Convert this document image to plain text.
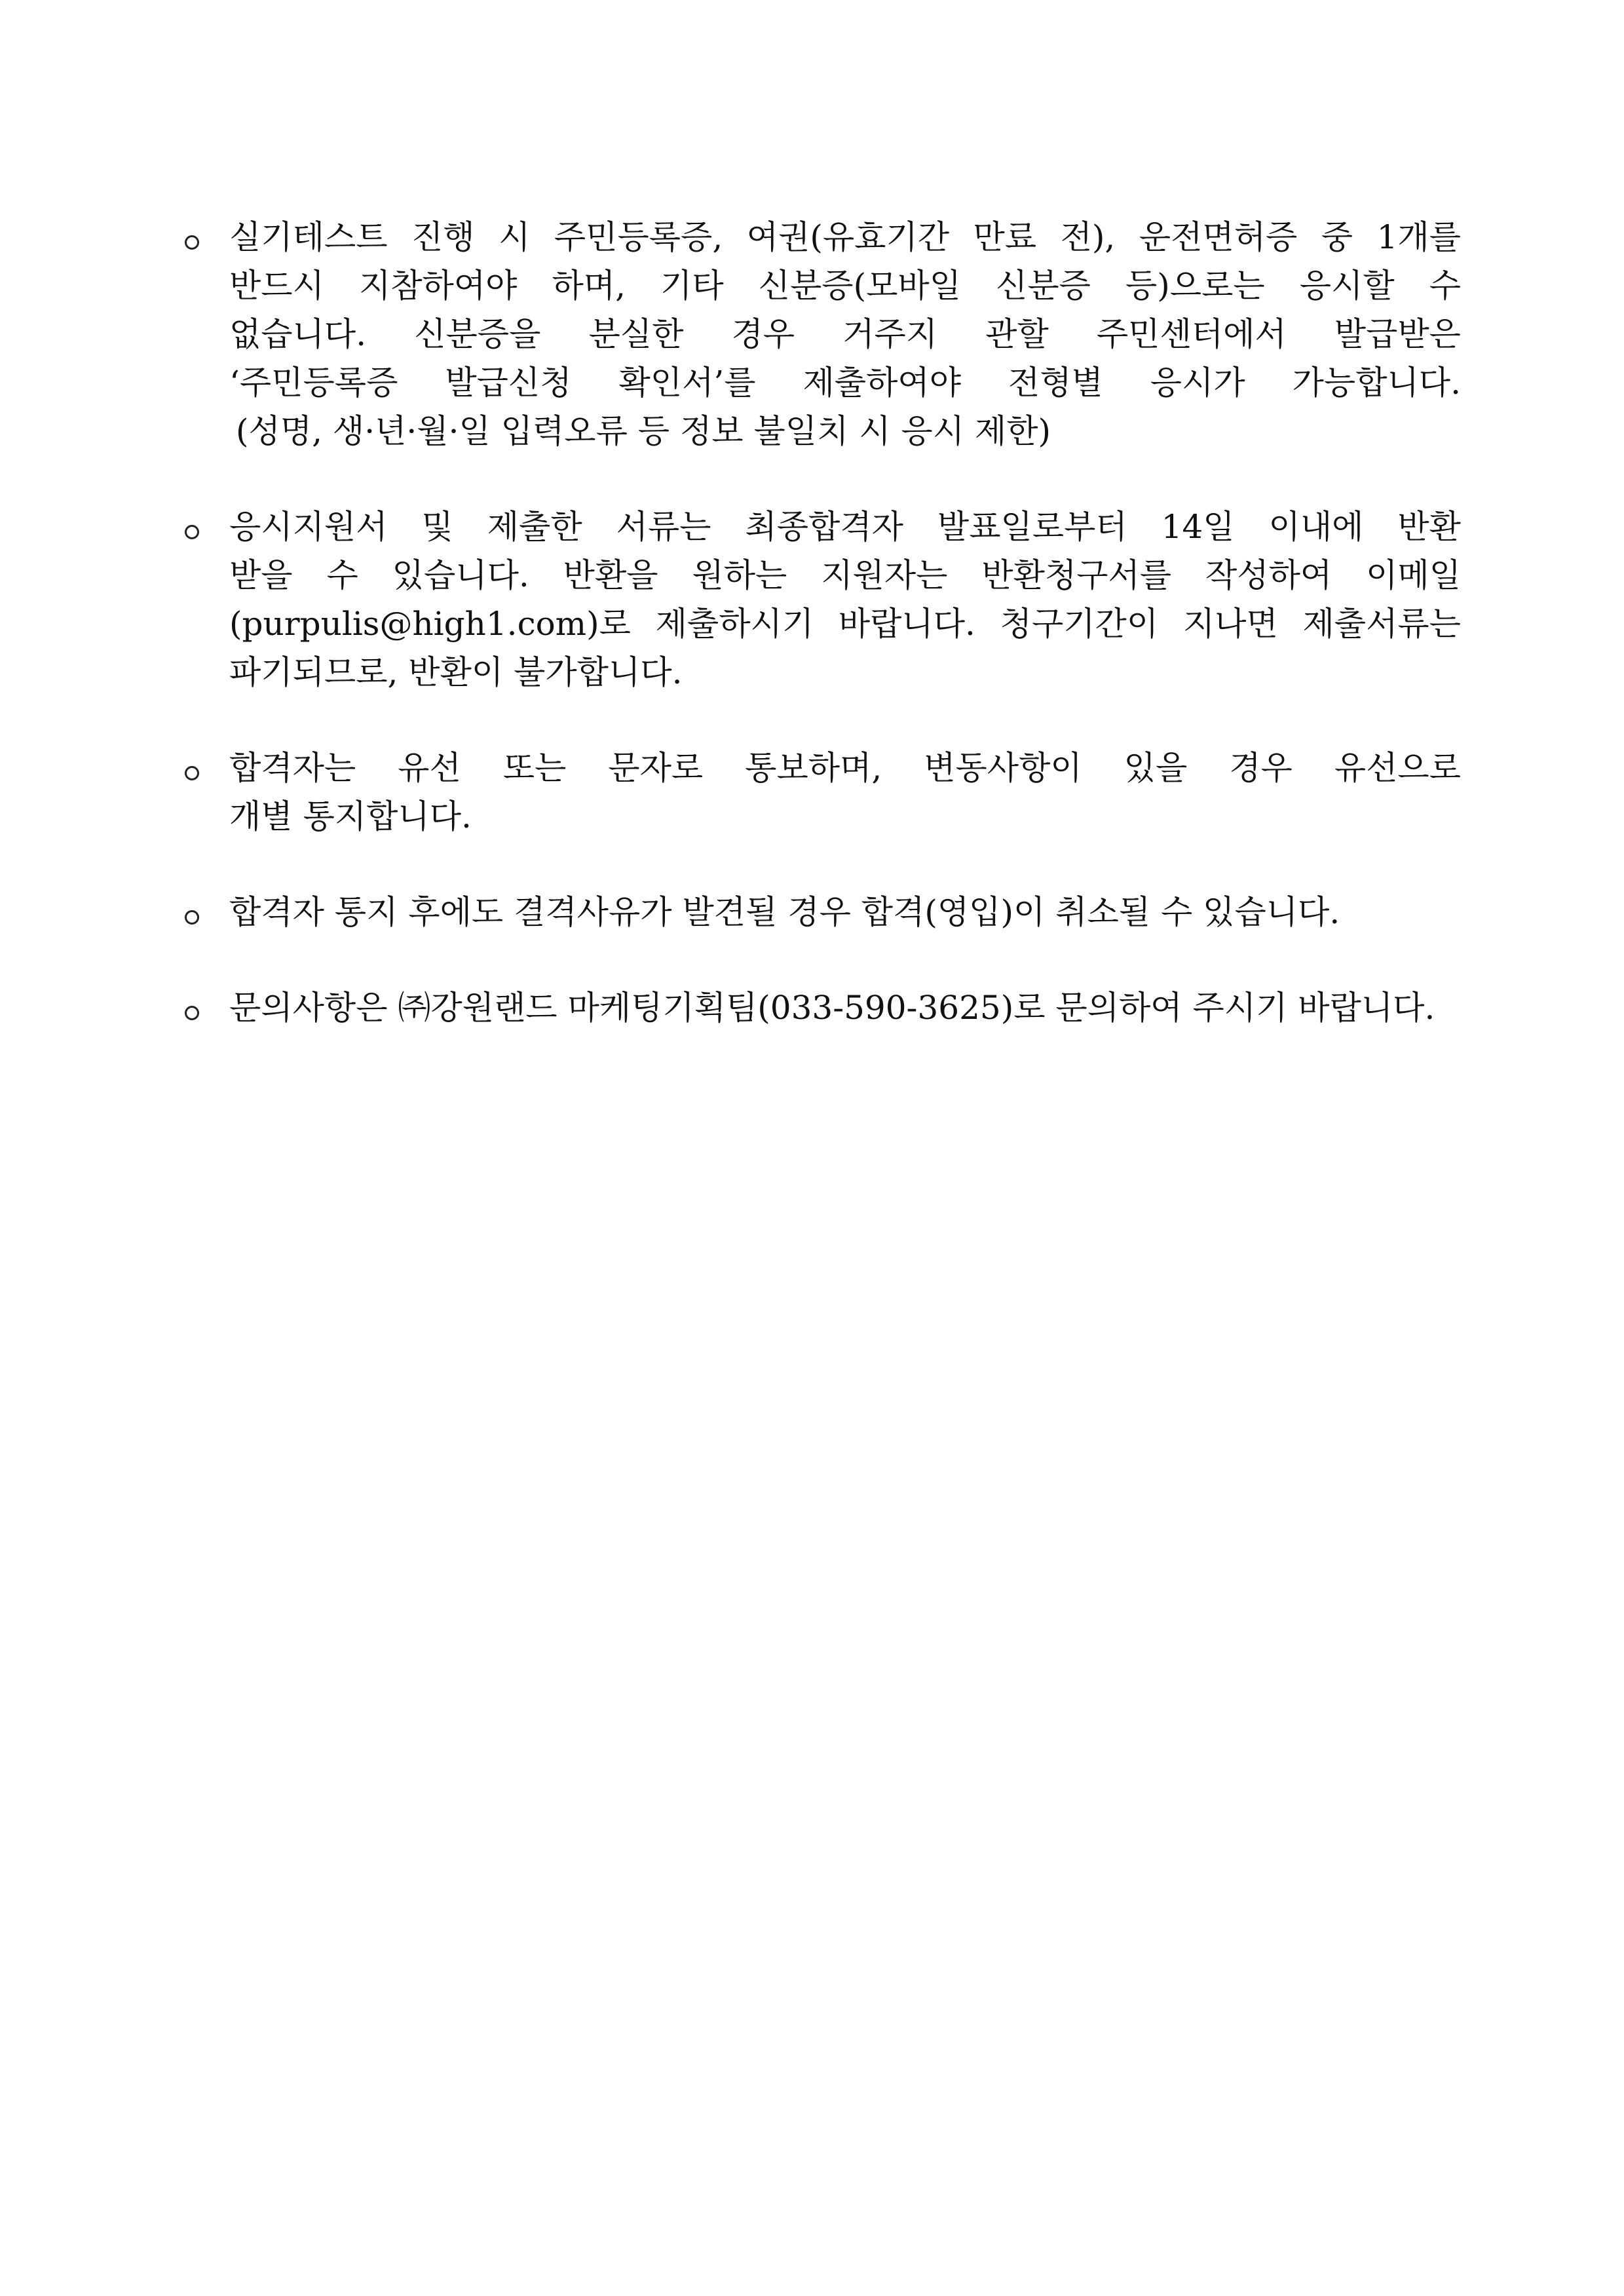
실기테스트 진행 시 주민등록증, 여권(유효기간 만료 전), 운전면허증 중 1개를
반드시 지참하여야 하며, 기타 신분증(모바일 신분증 등)으로는 응시할 수
없습니다. 신분증을 분실한 경우 거주지 관할 주민센터에서 발급받은
‘주민등록증 발급신청 확인서’를 제출하여야 전형별 응시가 가능합니다.
(성명, 생·년·월·일 입력오류 등 정보 불일치 시 응시 제한)
응시지원서 및 제출한 서류는 최종합격자 발표일로부터 14일 이내에 반환
받을 수 있습니다. 반환을 원하는 지원자는 반환청구서를 작성하여 이메일
(purpulis@high1.com)로 제출하시기 바랍니다. 청구기간이 지나면 제출서류는
파기되므로, 반환이 불가합니다.
합격자는 유선 또는 문자로 통보하며, 변동사항이 있을 경우 유선으로
개별 통지합니다.
합격자 통지 후에도 결격사유가 발견될 경우 합격(영입)이 취소될 수 있습니다.
문의사항은 ㈜강원랜드 마케팅기획팀(033-590-3625)로 문의하여 주시기 바랍니다.
